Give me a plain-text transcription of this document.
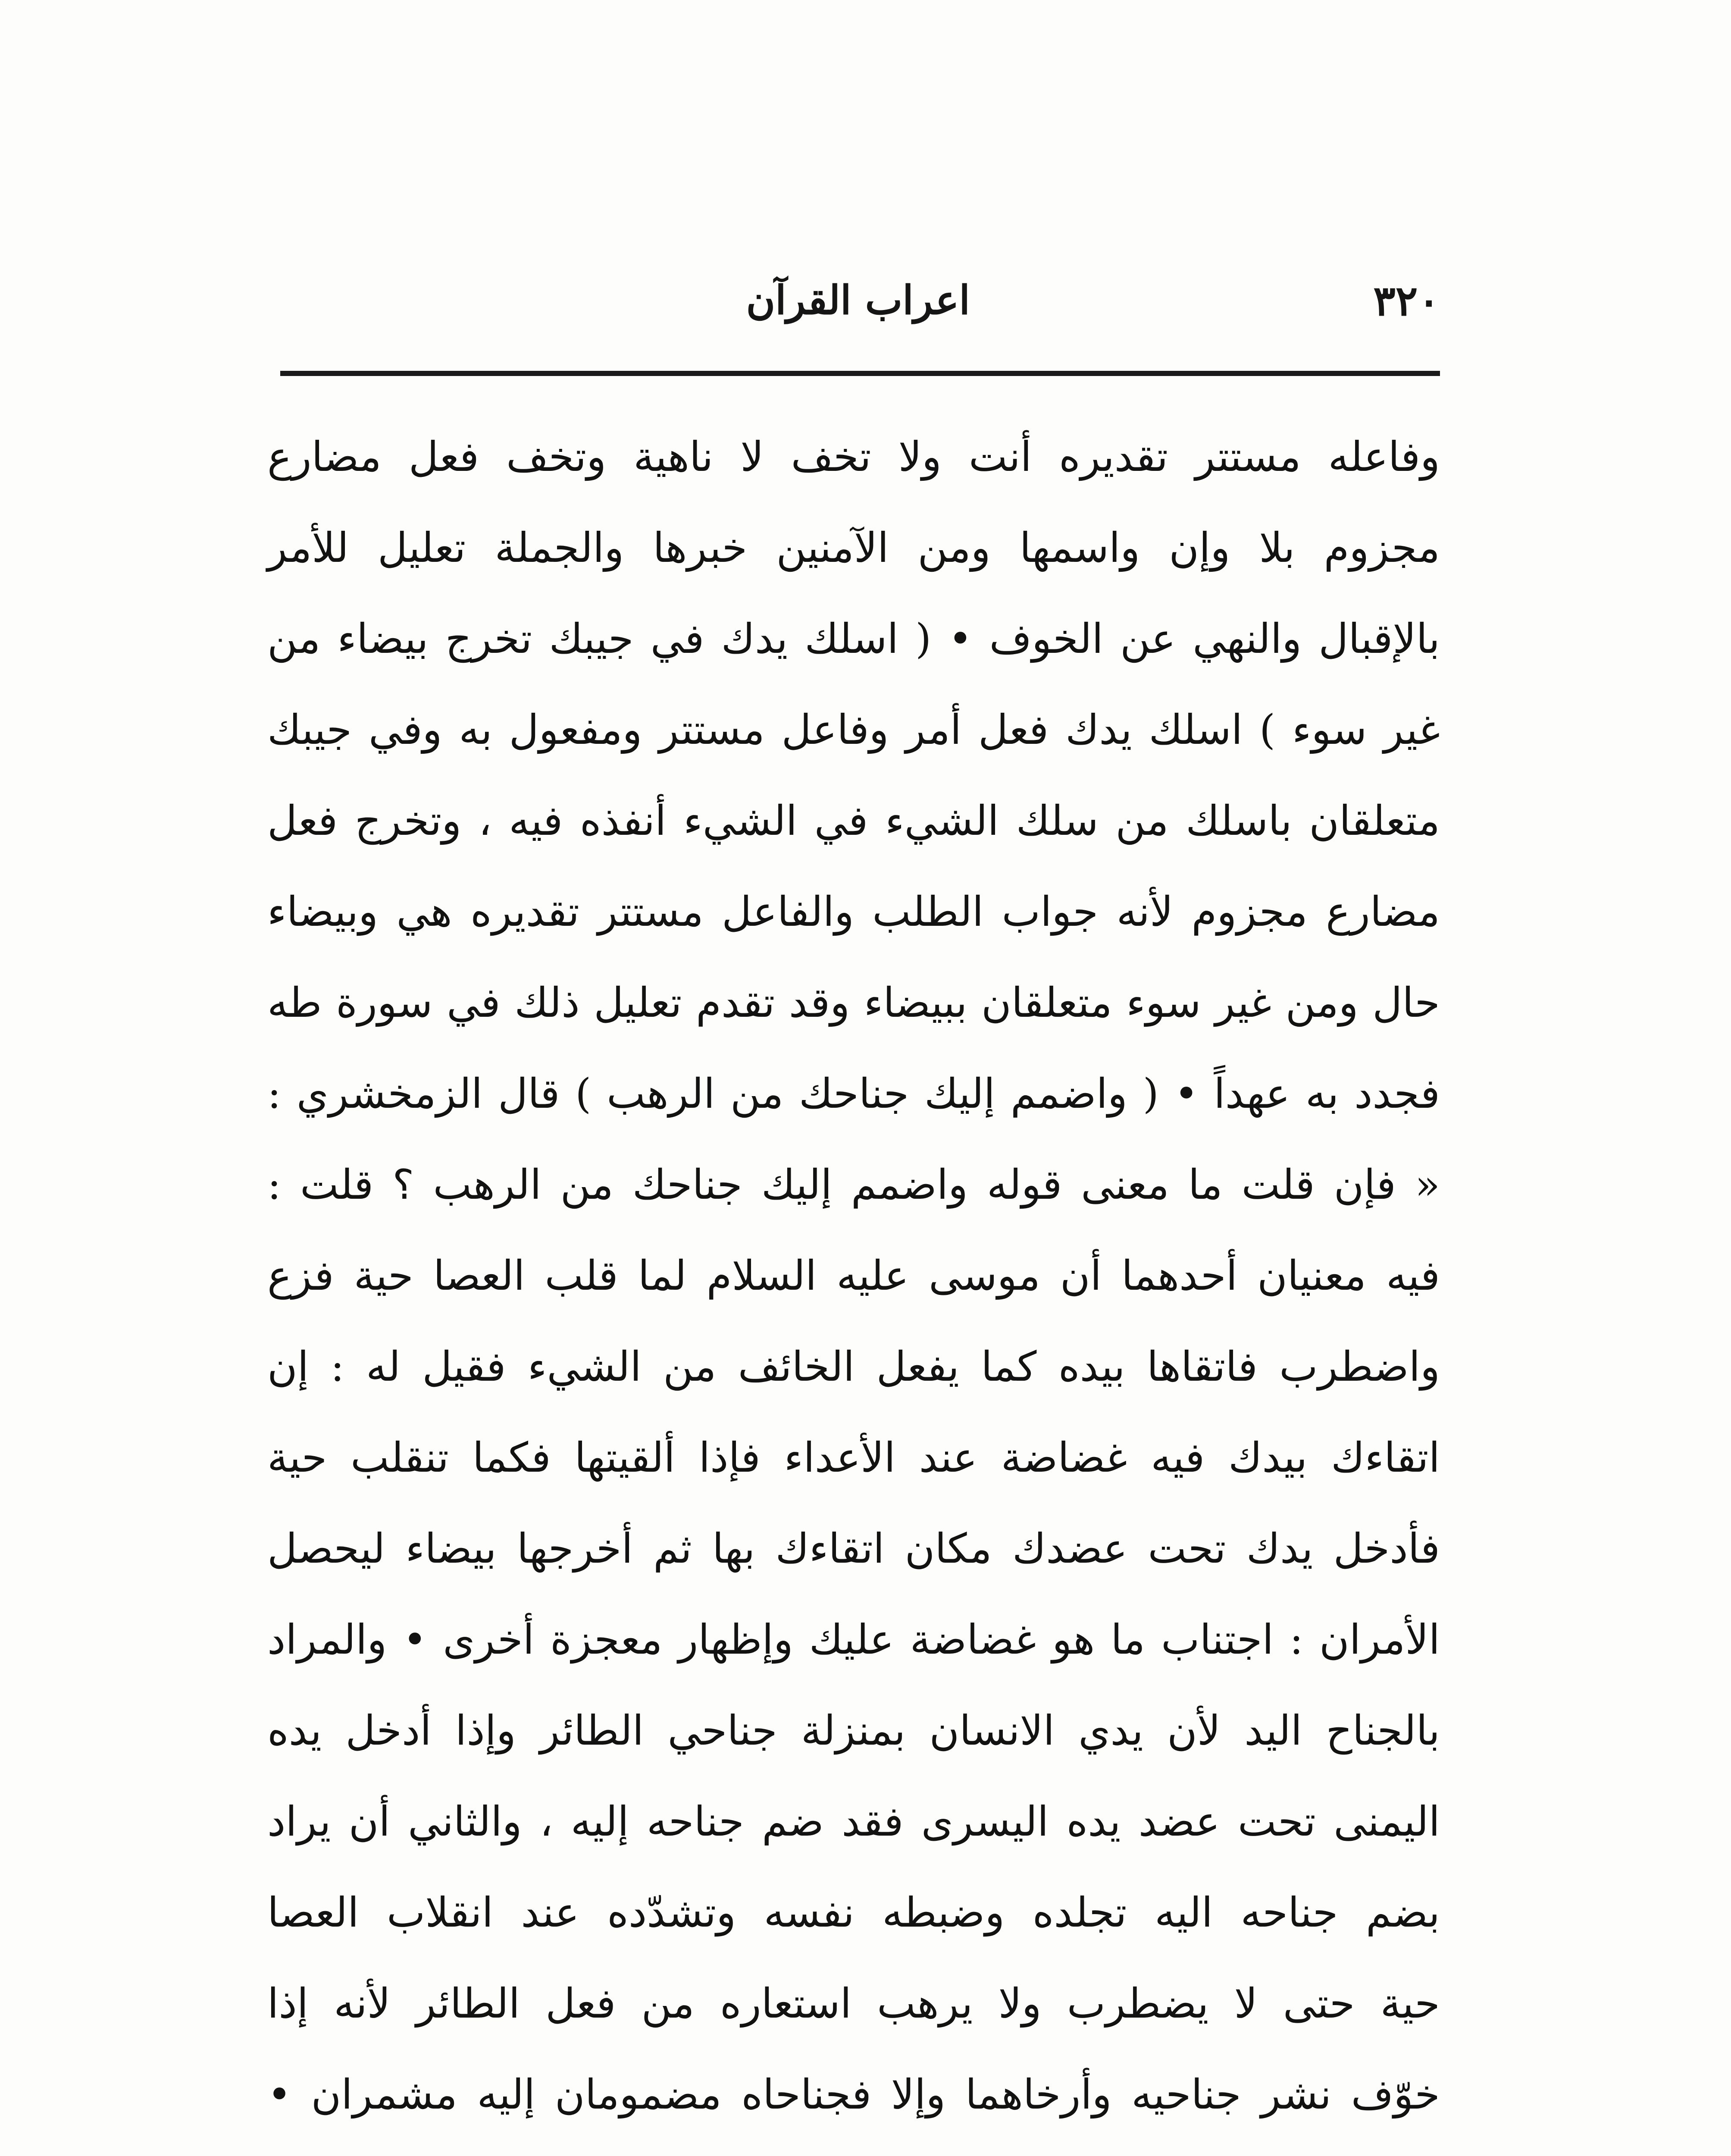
٣٢٠
اعراب القرآن
وفاعله مستتر تقديره أنت ولا تخف لا ناهية وتخف فعل مضارع
مجزوم بلا وإن واسمها ومن الآمنين خبرها والجملة تعليل للأمر
بالإقبال والنهي عن الخوف • ( اسلك يدك في جيبك تخرج بيضاء من
غير سوء ) اسلك يدك فعل أمر وفاعل مستتر ومفعول به وفي جيبك
متعلقان باسلك من سلك الشيء في الشيء أنفذه فيه ، وتخرج فعل
مضارع مجزوم لأنه جواب الطلب والفاعل مستتر تقديره هي وبيضاء
حال ومن غير سوء متعلقان ببيضاء وقد تقدم تعليل ذلك في سورة طه
فجدد به عهداً • ( واضمم إليك جناحك من الرهب ) قال الزمخشري :
« فإن قلت ما معنى قوله واضمم إليك جناحك من الرهب ؟ قلت :
فيه معنيان أحدهما أن موسى عليه السلام لما قلب العصا حية فزع
واضطرب فاتقاها بيده كما يفعل الخائف من الشيء فقيل له : إن
اتقاءك بيدك فيه غضاضة عند الأعداء فإذا ألقيتها فكما تنقلب حية
فأدخل يدك تحت عضدك مكان اتقاءك بها ثم أخرجها بيضاء ليحصل
الأمران : اجتناب ما هو غضاضة عليك وإظهار معجزة أخرى • والمراد
بالجناح اليد لأن يدي الانسان بمنزلة جناحي الطائر وإذا أدخل يده
اليمنى تحت عضد يده اليسرى فقد ضم جناحه إليه ، والثاني أن يراد
بضم جناحه اليه تجلده وضبطه نفسه وتشدّده عند انقلاب العصا
حية حتى لا يضطرب ولا يرهب استعاره من فعل الطائر لأنه إذا
خوّف نشر جناحيه وأرخاهما وإلا فجناحاه مضمومان إليه مشمران •
